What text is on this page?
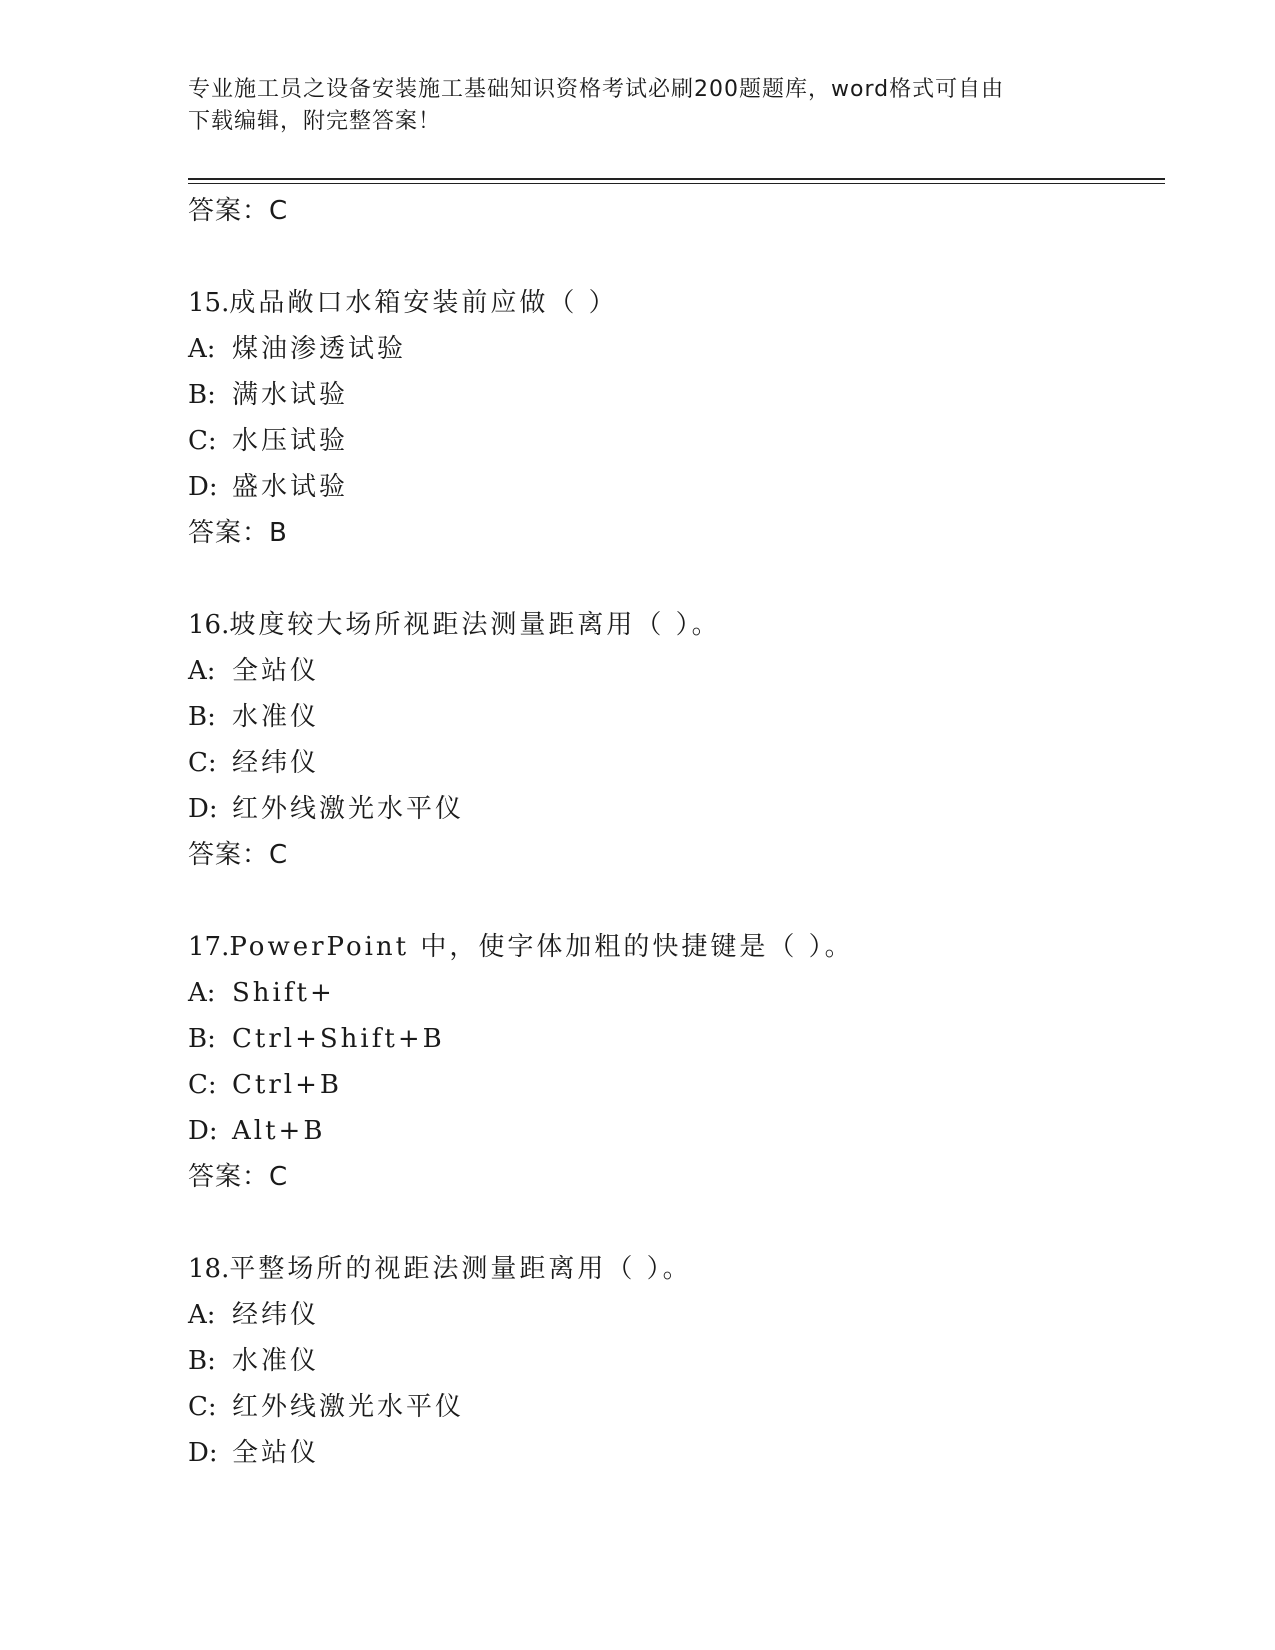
专业施工员之设备安装施工基础知识资格考试必刷200题题库，word格式可自由
下载编辑，附完整答案！
答案：C
15.成品敞口水箱安装前应做（ ）
A: 煤油渗透试验
B: 满水试验
C: 水压试验
D: 盛水试验
答案：B
16.坡度较大场所视距法测量距离用（ ）。
A: 全站仪
B: 水准仪
C: 经纬仪
D: 红外线激光水平仪
答案：C
17.PowerPoint 中，使字体加粗的快捷键是（ ）。
A: Shift+
B: Ctrl+Shift+B
C: Ctrl+B
D: Alt+B
答案：C
18.平整场所的视距法测量距离用（ ）。
A: 经纬仪
B: 水准仪
C: 红外线激光水平仪
D: 全站仪
